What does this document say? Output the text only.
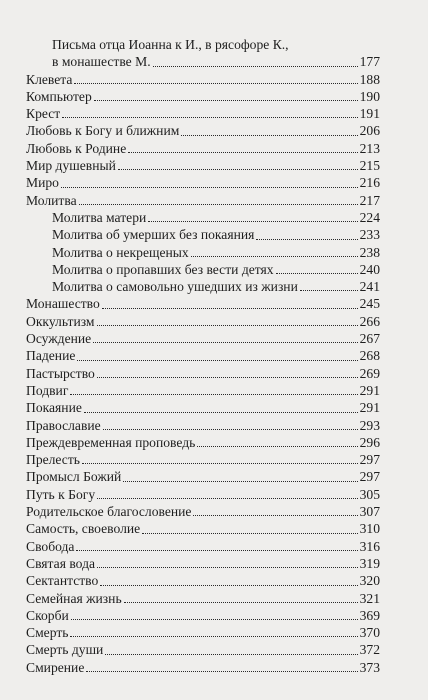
Письма отца Иоанна к И., в рясофоре К.,
в монашестве М.	177
Клевета	188
Компьютер	190
Крест	191
Любовь к Богу и ближним	206
Любовь к Родине	213
Мир душевный	215
Миро	216
Молитва	217
Молитва матери	224
Молитва об умерших без покаяния	233
Молитва о некрещеных	238
Молитва о пропавших без вести детях	240
Молитва о самовольно ушедших из жизни	241
Монашество	245
Оккультизм	266
Осуждение	267
Падение	268
Пастырство	269
Подвиг	291
Покаяние	291
Православие	293
Преждевременная проповедь	296
Прелесть	297
Промысл Божий	297
Путь к Богу	305
Родительское благословение	307
Самость, своеволие	310
Свобода	316
Святая вода	319
Сектантство	320
Семейная жизнь	321
Скорби	369
Смерть	370
Смерть души	372
Смирение	373
